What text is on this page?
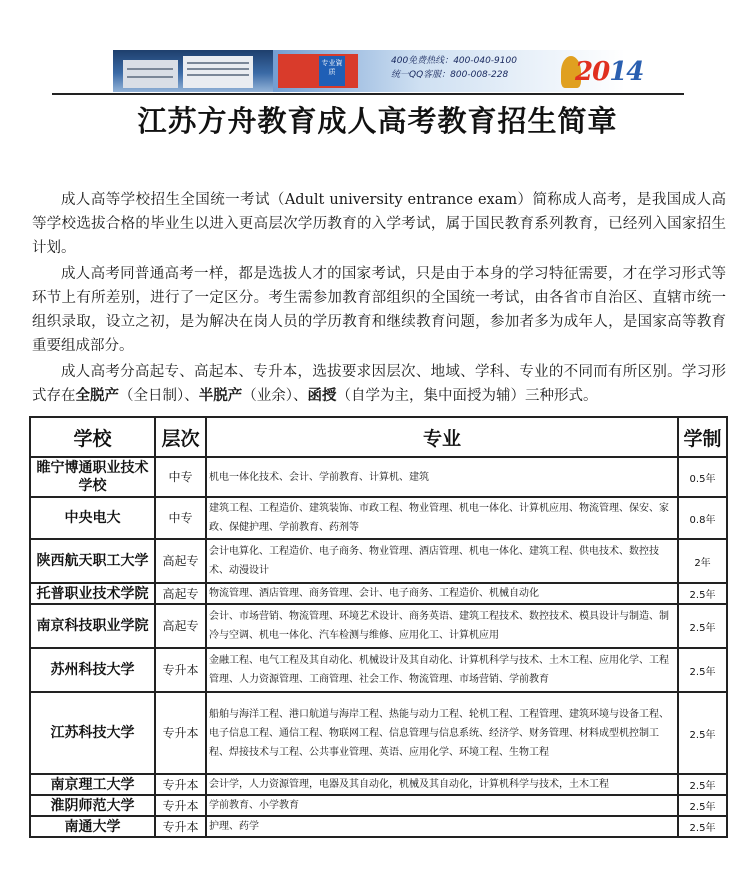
专业資质
400免费热线：400-040-9100
统一QQ客服：800-008-228	2014
江苏方舟教育成人高考教育招生简章

成人高等学校招生全国统一考试（Adult university entrance exam）简称成人高考，是我国成人高等学校选拔合格的毕业生以进入更高层次学历教育的入学考试，属于国民教育系列教育，已经列入国家招生计划。

成人高考同普通高考一样，都是选拔人才的国家考试，只是由于本身的学习特征需要，才在学习形式等环节上有所差别，进行了一定区分。考生需参加教育部组织的全国统一考试，由各省市自治区、直辖市统一组织录取，设立之初，是为解决在岗人员的学历教育和继续教育问题，参加者多为成年人，是国家高等教育重要组成部分。

成人高考分高起专、高起本、专升本，选拔要求因层次、地域、学科、专业的不同而有所区别。学习形式存在全脱产（全日制）、半脱产（业余）、函授（自学为主，集中面授为辅）三种形式。

学校	层次	专业	学制
睢宁博通职业技术学校	中专	机电一体化技术、会计、学前教育、计算机、建筑	0.5年
中央电大	中专	建筑工程、工程造价、建筑装饰、市政工程、物业管理、机电一体化、计算机应用、物流管理、保安、家政、保健护理、学前教育、药剂等	0.8年
陕西航天职工大学	高起专	会计电算化、工程造价、电子商务、物业管理、酒店管理、机电一体化、建筑工程、供电技术、数控技术、动漫设计	2年
托普职业技术学院	高起专	物流管理、酒店管理、商务管理、会计、电子商务、工程造价、机械自动化	2.5年
南京科技职业学院	高起专	会计、市场营销、物流管理、环境艺术设计、商务英语、建筑工程技术、数控技术、模具设计与制造、制冷与空调、机电一体化、汽车检测与维修、应用化工、计算机应用	2.5年
苏州科技大学	专升本	金融工程、电气工程及其自动化、机械设计及其自动化、计算机科学与技术、土木工程、应用化学、工程管理、人力资源管理、工商管理、社会工作、物流管理、市场营销、学前教育	2.5年
江苏科技大学	专升本	船舶与海洋工程、港口航道与海岸工程、热能与动力工程、轮机工程、工程管理、建筑环境与设备工程、电子信息工程、通信工程、物联网工程、信息管理与信息系统、经济学、财务管理、材料成型机控制工程、焊接技术与工程、公共事业管理、英语、应用化学、环境工程、生物工程	2.5年
南京理工大学	专升本	会计学，人力资源管理，电器及其自动化，机械及其自动化，计算机科学与技术，土木工程	2.5年
淮阴师范大学	专升本	学前教育、小学教育	2.5年
南通大学	专升本	护理、药学	2.5年
